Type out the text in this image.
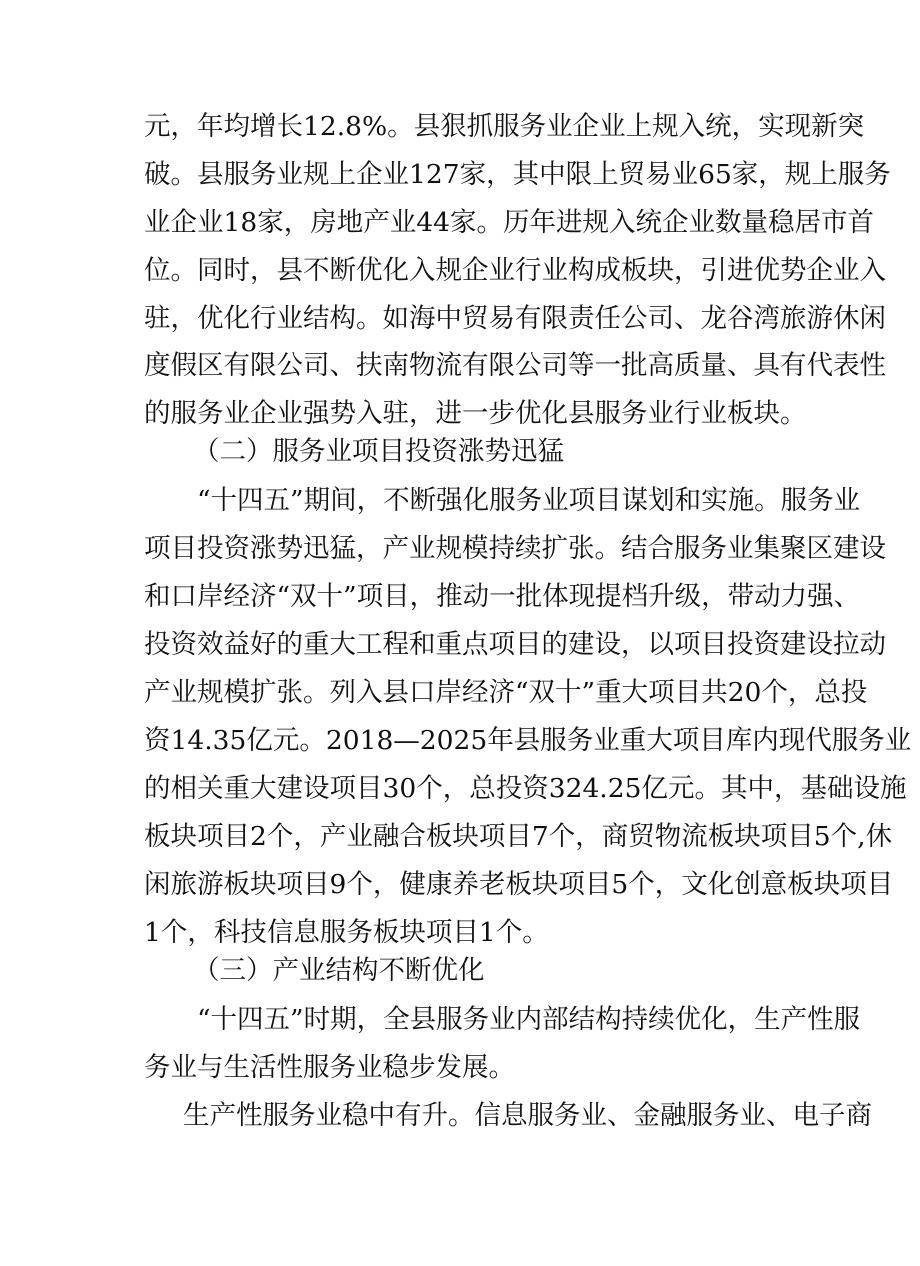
元，年均增长12.8%。县狠抓服务业企业上规入统，实现新突
破。县服务业规上企业127家，其中限上贸易业65家，规上服务
业企业18家，房地产业44家。历年进规入统企业数量稳居市首
位。同时，县不断优化入规企业行业构成板块，引进优势企业入
驻，优化行业结构。如海中贸易有限责任公司、龙谷湾旅游休闲
度假区有限公司、扶南物流有限公司等一批高质量、具有代表性
的服务业企业强势入驻，进一步优化县服务业行业板块。
（二）服务业项目投资涨势迅猛
“十四五”期间，不断强化服务业项目谋划和实施。服务业
项目投资涨势迅猛，产业规模持续扩张。结合服务业集聚区建设
和口岸经济“双十”项目，推动一批体现提档升级，带动力强、
投资效益好的重大工程和重点项目的建设，以项目投资建设拉动
产业规模扩张。列入县口岸经济“双十”重大项目共20个，总投
资14.35亿元。2018—2025年县服务业重大项目库内现代服务业
的相关重大建设项目30个，总投资324.25亿元。其中，基础设施
板块项目2个，产业融合板块项目7个，商贸物流板块项目5个,休
闲旅游板块项目9个，健康养老板块项目5个，文化创意板块项目
1个，科技信息服务板块项目1个。
（三）产业结构不断优化
“十四五”时期，全县服务业内部结构持续优化，生产性服
务业与生活性服务业稳步发展。
生产性服务业稳中有升。信息服务业、金融服务业、电子商
